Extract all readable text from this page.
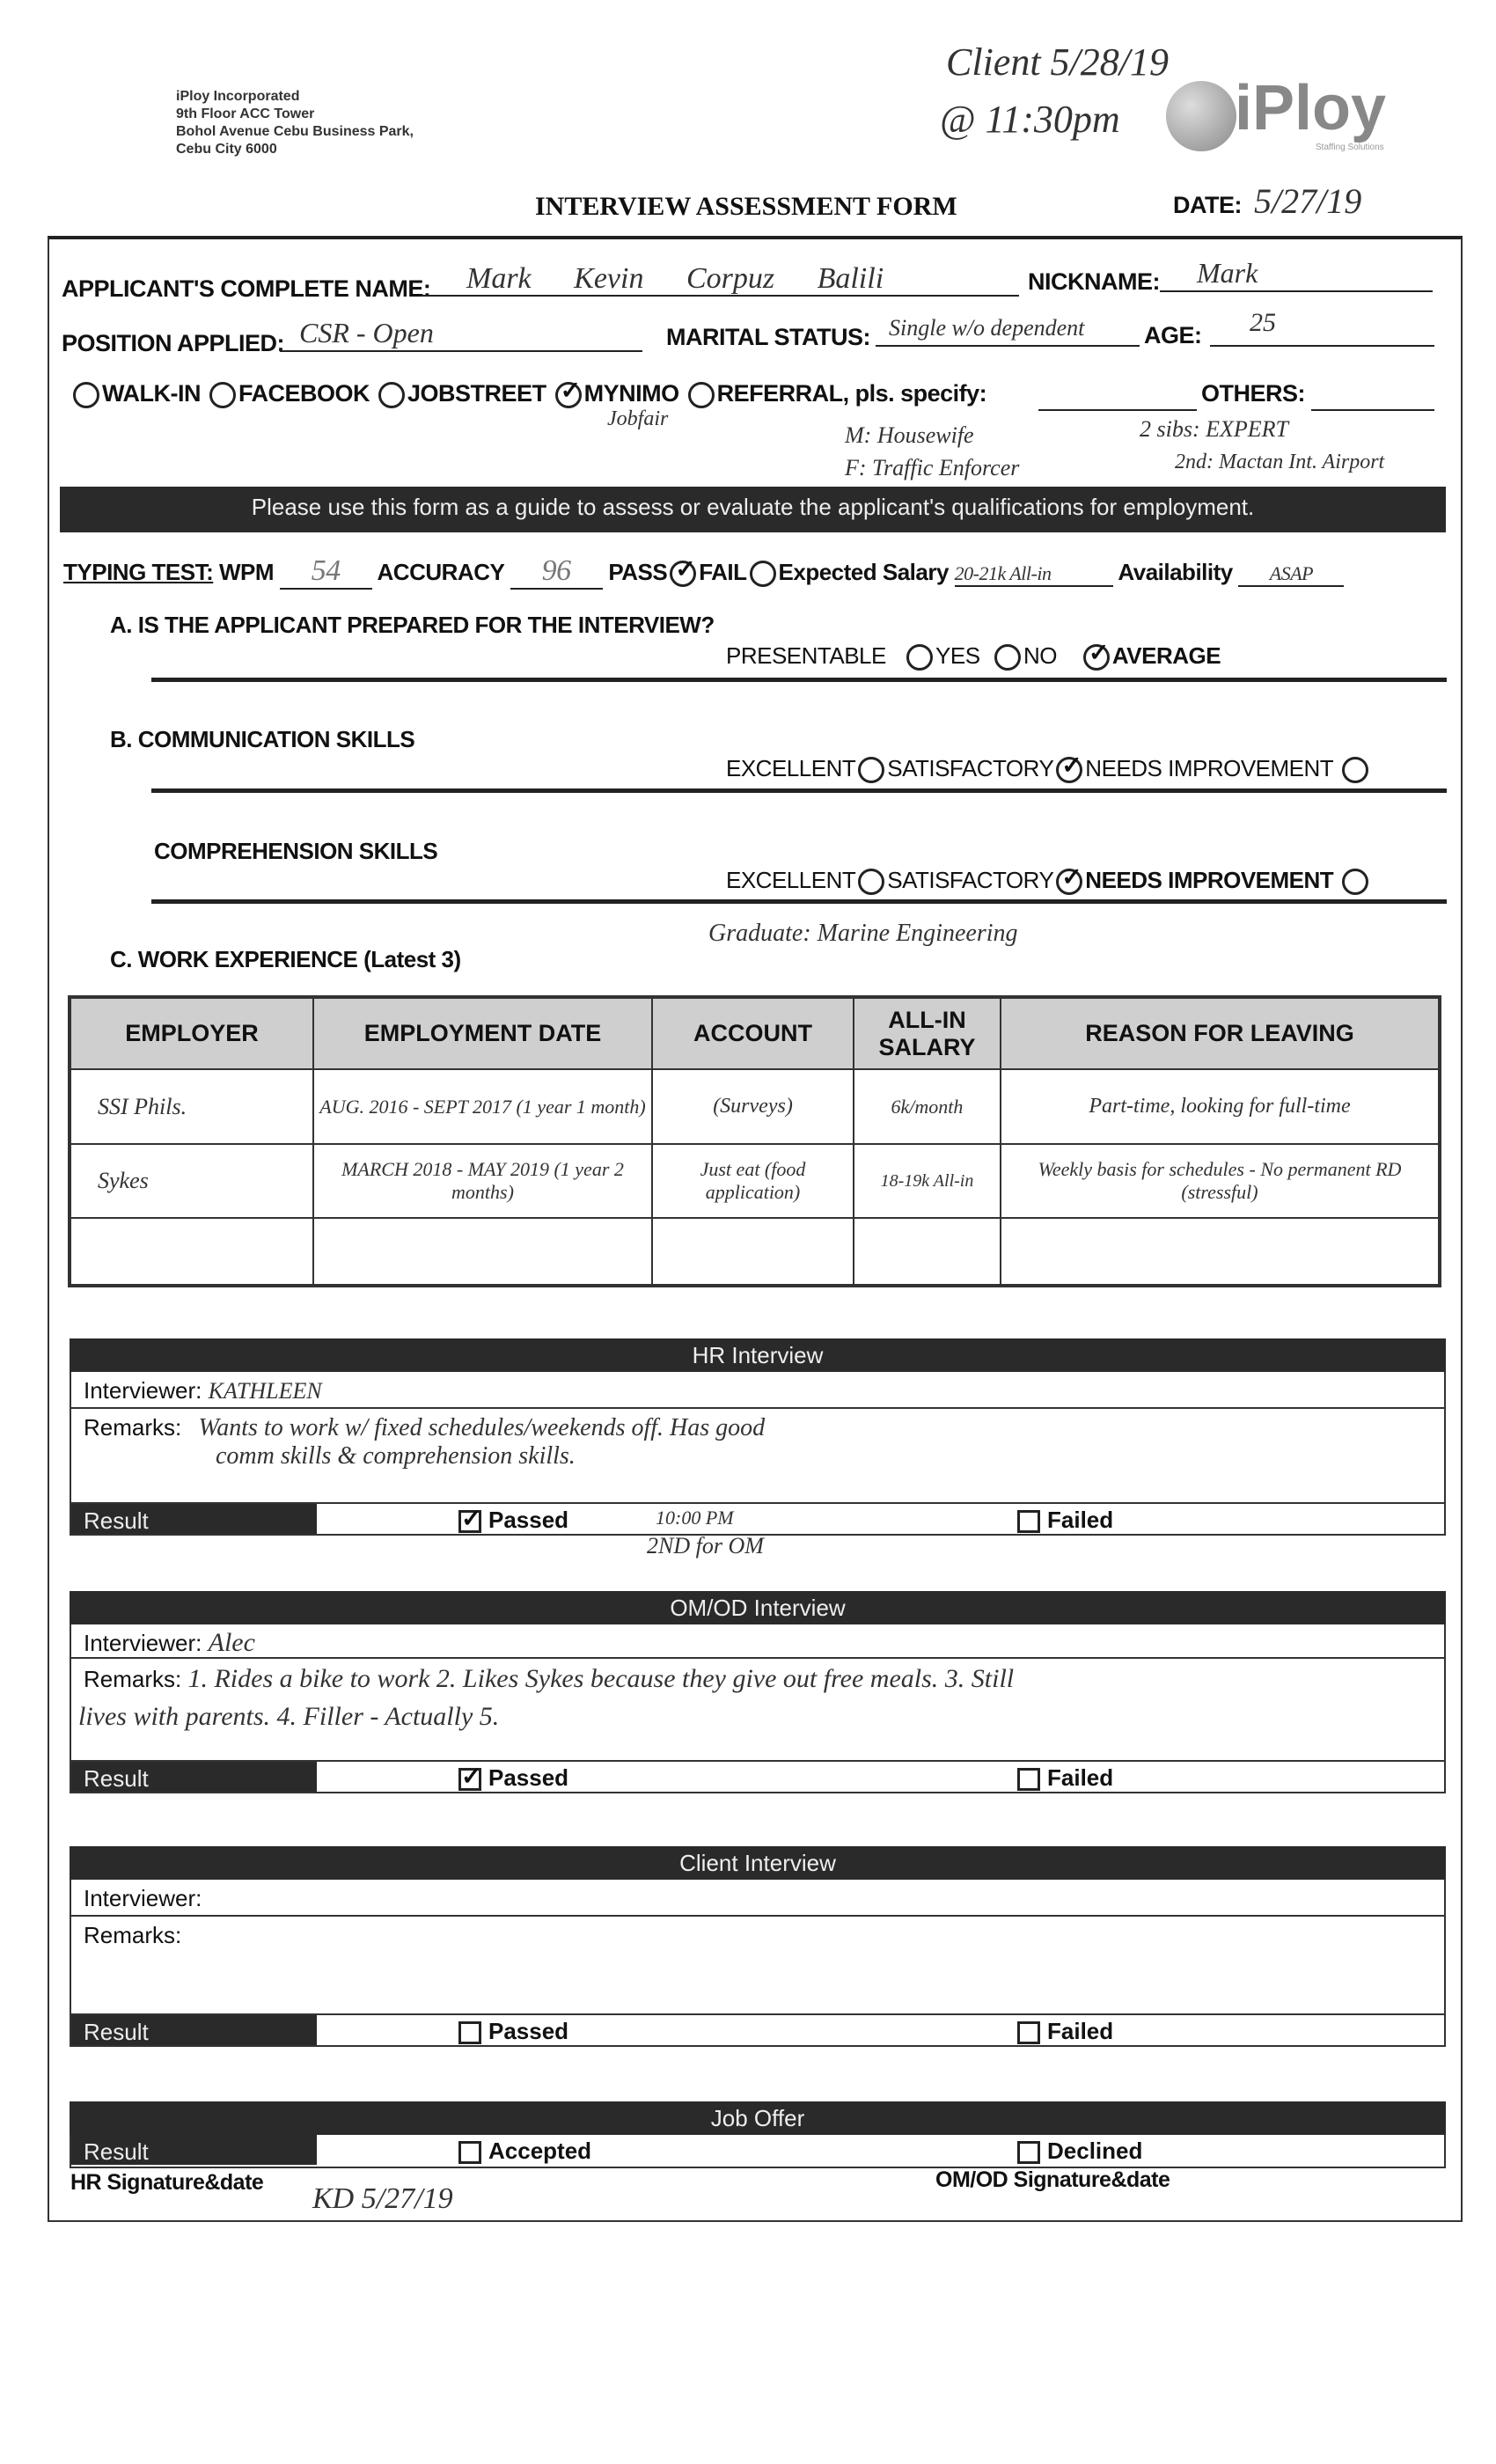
iPloy Incorporated
9th Floor ACC Tower
Bohol Avenue Cebu Business Park,
Cebu City 6000
Client 5/28/19
@ 11:30pm iPloy
Staffing Solutions
INTERVIEW ASSESSMENT FORM	DATE: 5/27/19
APPLICANT'S COMPLETE NAME: Mark Kevin Corpuz Balili	NICKNAME: Mark
POSITION APPLIED: CSR - Open	MARITAL STATUS: Single w/o dependent	AGE: 25
WALK-IN FACEBOOK JOBSTREET ✓ MYNIMO REFERRAL, pls. specify:	OTHERS:
Jobfair
M: Housewife
F: Traffic Enforcer
2 sibs: EXPERT
2nd: Mactan Int. Airport
Please use this form as a guide to assess or evaluate the applicant's qualifications for employment.
TYPING TEST: WPM 54 ACCURACY 96 PASS ✓ FAIL Expected Salary 20-21k All-in	Availability ASAP
A. IS THE APPLICANT PREPARED FOR THE INTERVIEW?
PRESENTABLE YES NO ✓ AVERAGE
B. COMMUNICATION SKILLS
EXCELLENT SATISFACTORY ✓ NEEDS IMPROVEMENT
COMPREHENSION SKILLS
EXCELLENT SATISFACTORY ✓ NEEDS IMPROVEMENT
Graduate: Marine Engineering
C. WORK EXPERIENCE (Latest 3)
EMPLOYER	EMPLOYMENT DATE	ACCOUNT	ALL-IN SALARY	REASON FOR LEAVING
SSI Phils.	AUG. 2016 - SEPT 2017 (1 year 1 month)	(Surveys)	6k/month	Part-time, looking for full-time
Sykes	MARCH 2018 - MAY 2019 (1 year 2 months)	Just eat (food application)	18-19k All-in	Weekly basis for schedules - No permanent RD (stressful)

HR Interview
Interviewer: KATHLEEN
Remarks: Wants to work w/ fixed schedules/weekends off. Has good
comm skills & comprehension skills.
Result ✓	Passed	Failed
10:00 PM
2ND for OM
OM/OD Interview
Interviewer: Alec
Remarks: 1. Rides a bike to work 2. Likes Sykes because they give out free meals. 3. Still
lives with parents. 4. Filler - Actually 5.
Result ✓	Passed	Failed
Client Interview
Interviewer:
Remarks:
Result	Passed	Failed
Job Offer
Result	Accepted	Declined
HR Signature&date KD 5/27/19
OM/OD Signature&date
